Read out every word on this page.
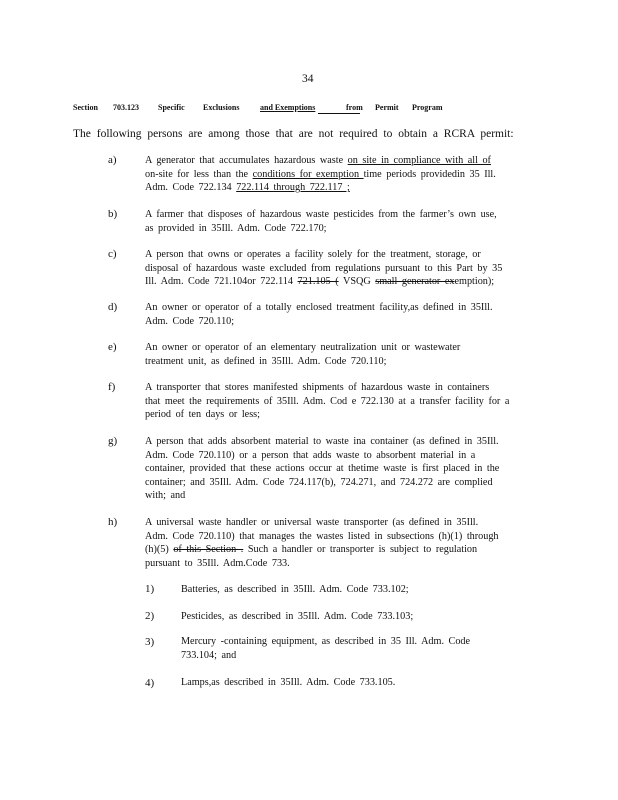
34
Section 703.123 Specific Exclusions	and Exemptions	from Permit Program
The following persons are among those that are not required to obtain a RCRA permit:
a)	A generator that accumulates hazardous waste on site in compliance with all of
on-site for less than the conditions for exemption time periods providedin 35 Ill.
Adm. Code 722.134 722.114 through 722.117 ;
b)	A farmer that disposes of hazardous waste pesticides from the farmer’s own use,
as provided in 35Ill. Adm. Code 722.170;
c)	A person that owns or operates a facility solely for the treatment, storage, or
disposal of hazardous waste excluded from regulations pursuant to this Part by 35
Ill. Adm. Code 721.104or 722.114 721.105 ( VSQG small generator exemption);
d)	An owner or operator of a totally enclosed treatment facility,as defined in 35Ill.
Adm. Code 720.110;
e)	An owner or operator of an elementary neutralization unit or wastewater
treatment unit, as defined in 35Ill. Adm. Code 720.110;
f)	A transporter that stores manifested shipments of hazardous waste in containers
that meet the requirements of 35Ill. Adm. Cod e 722.130 at a transfer facility for a
period of ten days or less;
g)	A person that adds absorbent material to waste ina container (as defined in 35Ill.
Adm. Code 720.110) or a person that adds waste to absorbent material in a
container, provided that these actions occur at thetime waste is first placed in the
container; and 35Ill. Adm. Code 724.117(b), 724.271, and 724.272 are complied
with; and
h)	A universal waste handler or universal waste transporter (as defined in 35Ill.
Adm. Code 720.110) that manages the wastes listed in subsections (h)(1) through
(h)(5) of this Section . Such a handler or transporter is subject to regulation
pursuant to 35Ill. Adm.Code 733.
1)	Batteries, as described in 35Ill. Adm. Code 733.102;
2)	Pesticides, as described in 35Ill. Adm. Code 733.103;
3)	Mercury -containing equipment, as described in 35 Ill. Adm. Code
733.104; and
4)	Lamps,as described in 35Ill. Adm. Code 733.105.
